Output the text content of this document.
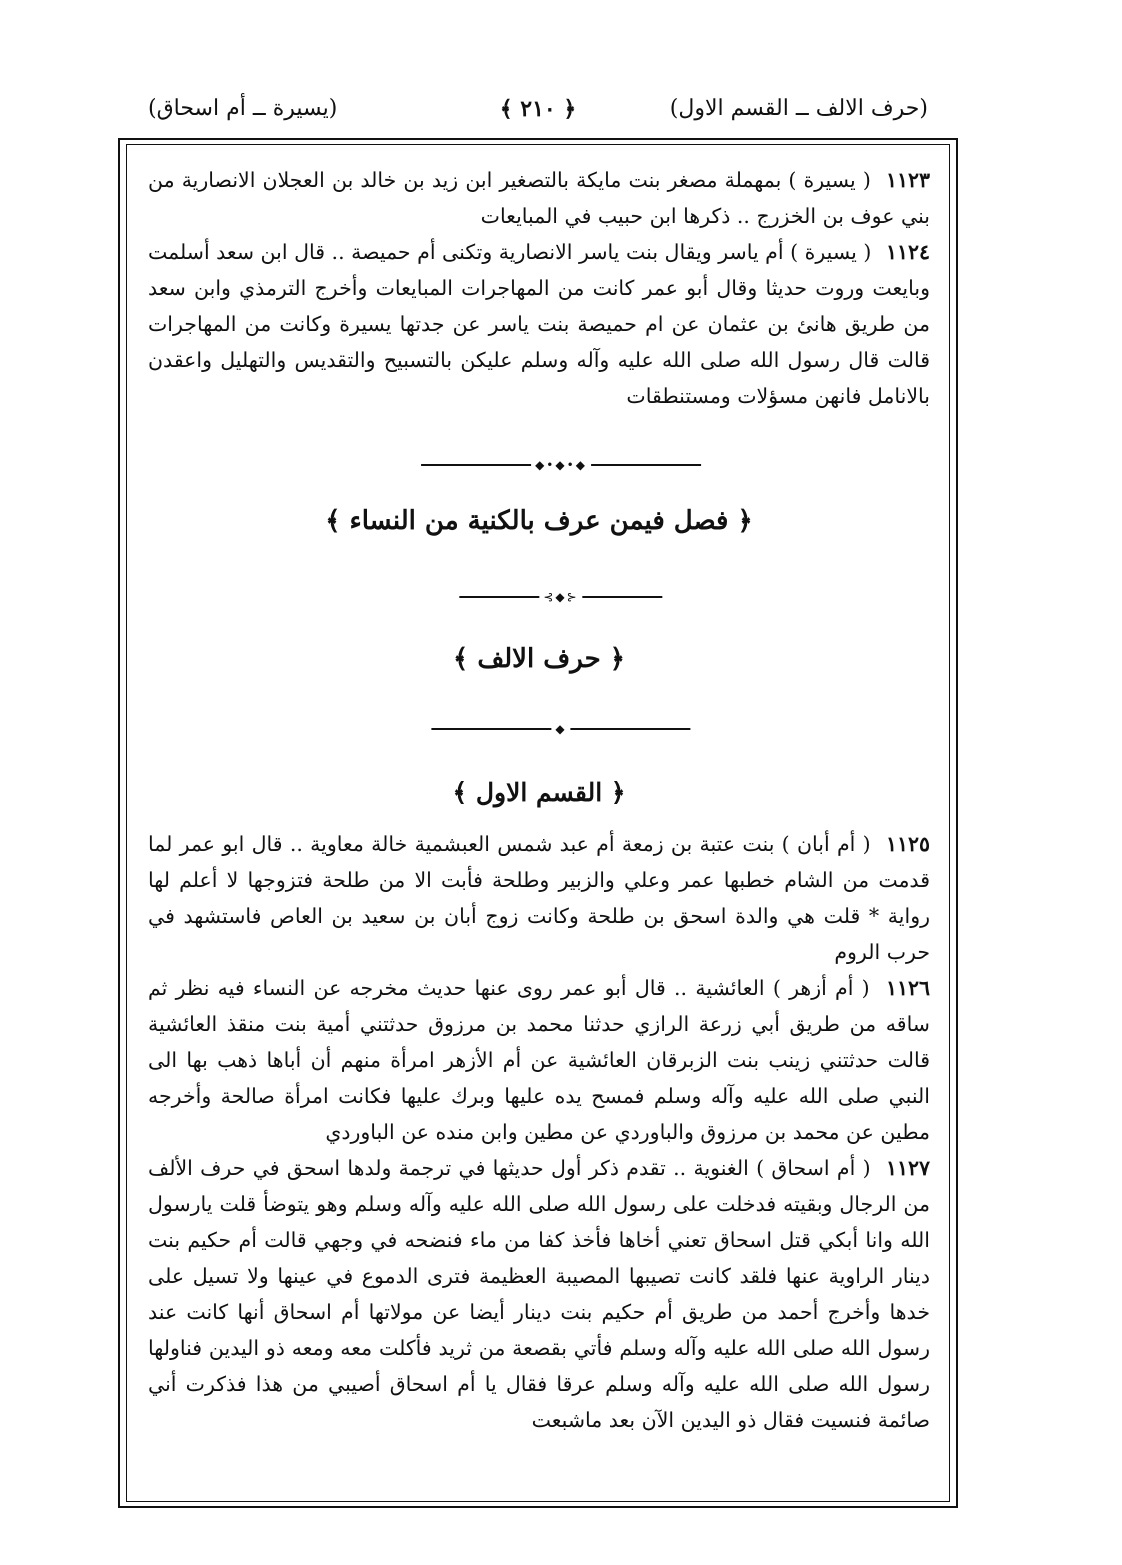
(حرف الالف ــ القسم الاول)
﴿ ٢١٠ ﴾
(يسيرة ــ أم اسحاق)

١١٢٣ ( يسيرة ) بمهملة مصغر بنت مايكة بالتصغير ابن زيد بن خالد بن العجلان الانصارية من بني عوف بن الخزرج .. ذكرها ابن حبيب في المبايعات

١١٢٤ ( يسيرة ) أم ياسر ويقال بنت ياسر الانصارية وتكنى أم حميصة .. قال ابن سعد أسلمت وبايعت وروت حديثا وقال أبو عمر كانت من المهاجرات المبايعات وأخرج الترمذي وابن سعد من طريق هانئ بن عثمان عن ام حميصة بنت ياسر عن جدتها يسيرة وكانت من المهاجرات قالت قال رسول الله صلى الله عليه وآله وسلم عليكن بالتسبيح والتقديس والتهليل واعقدن بالانامل فانهن مسؤلات ومستنطقات

◆•◆•◆
﴿ فصل فيمن عرف بالكنية من النساء ﴾
⊰◆⊱
﴿ حرف الالف ﴾
◆
﴿ القسم الاول ﴾

١١٢٥ ( أم أبان ) بنت عتبة بن زمعة أم عبد شمس العبشمية خالة معاوية .. قال ابو عمر لما قدمت من الشام خطبها عمر وعلي والزبير وطلحة فأبت الا من طلحة فتزوجها لا أعلم لها رواية * قلت هي والدة اسحق بن طلحة وكانت زوج أبان بن سعيد بن العاص فاستشهد في حرب الروم

١١٢٦ ( أم أزهر ) العائشية .. قال أبو عمر روى عنها حديث مخرجه عن النساء فيه نظر ثم ساقه من طريق أبي زرعة الرازي حدثنا محمد بن مرزوق حدثتني أمية بنت منقذ العائشية قالت حدثتني زينب بنت الزبرقان العائشية عن أم الأزهر امرأة منهم أن أباها ذهب بها الى النبي صلى الله عليه وآله وسلم فمسح يده عليها وبرك عليها فكانت امرأة صالحة وأخرجه مطين عن محمد بن مرزوق والباوردي عن مطين وابن منده عن الباوردي

١١٢٧ ( أم اسحاق ) الغنوية .. تقدم ذكر أول حديثها في ترجمة ولدها اسحق في حرف الألف من الرجال وبقيته فدخلت على رسول الله صلى الله عليه وآله وسلم وهو يتوضأ قلت يارسول الله وانا أبكي قتل اسحاق تعني أخاها فأخذ كفا من ماء فنضحه في وجهي قالت أم حكيم بنت دينار الراوية عنها فلقد كانت تصيبها المصيبة العظيمة فترى الدموع في عينها ولا تسيل على خدها وأخرج أحمد من طريق أم حكيم بنت دينار أيضا عن مولاتها أم اسحاق أنها كانت عند رسول الله صلى الله عليه وآله وسلم فأتي بقصعة من ثريد فأكلت معه ومعه ذو اليدين فناولها رسول الله صلى الله عليه وآله وسلم عرقا فقال يا أم اسحاق أصيبي من هذا فذكرت أني صائمة فنسيت فقال ذو اليدين الآن بعد ماشبعت
